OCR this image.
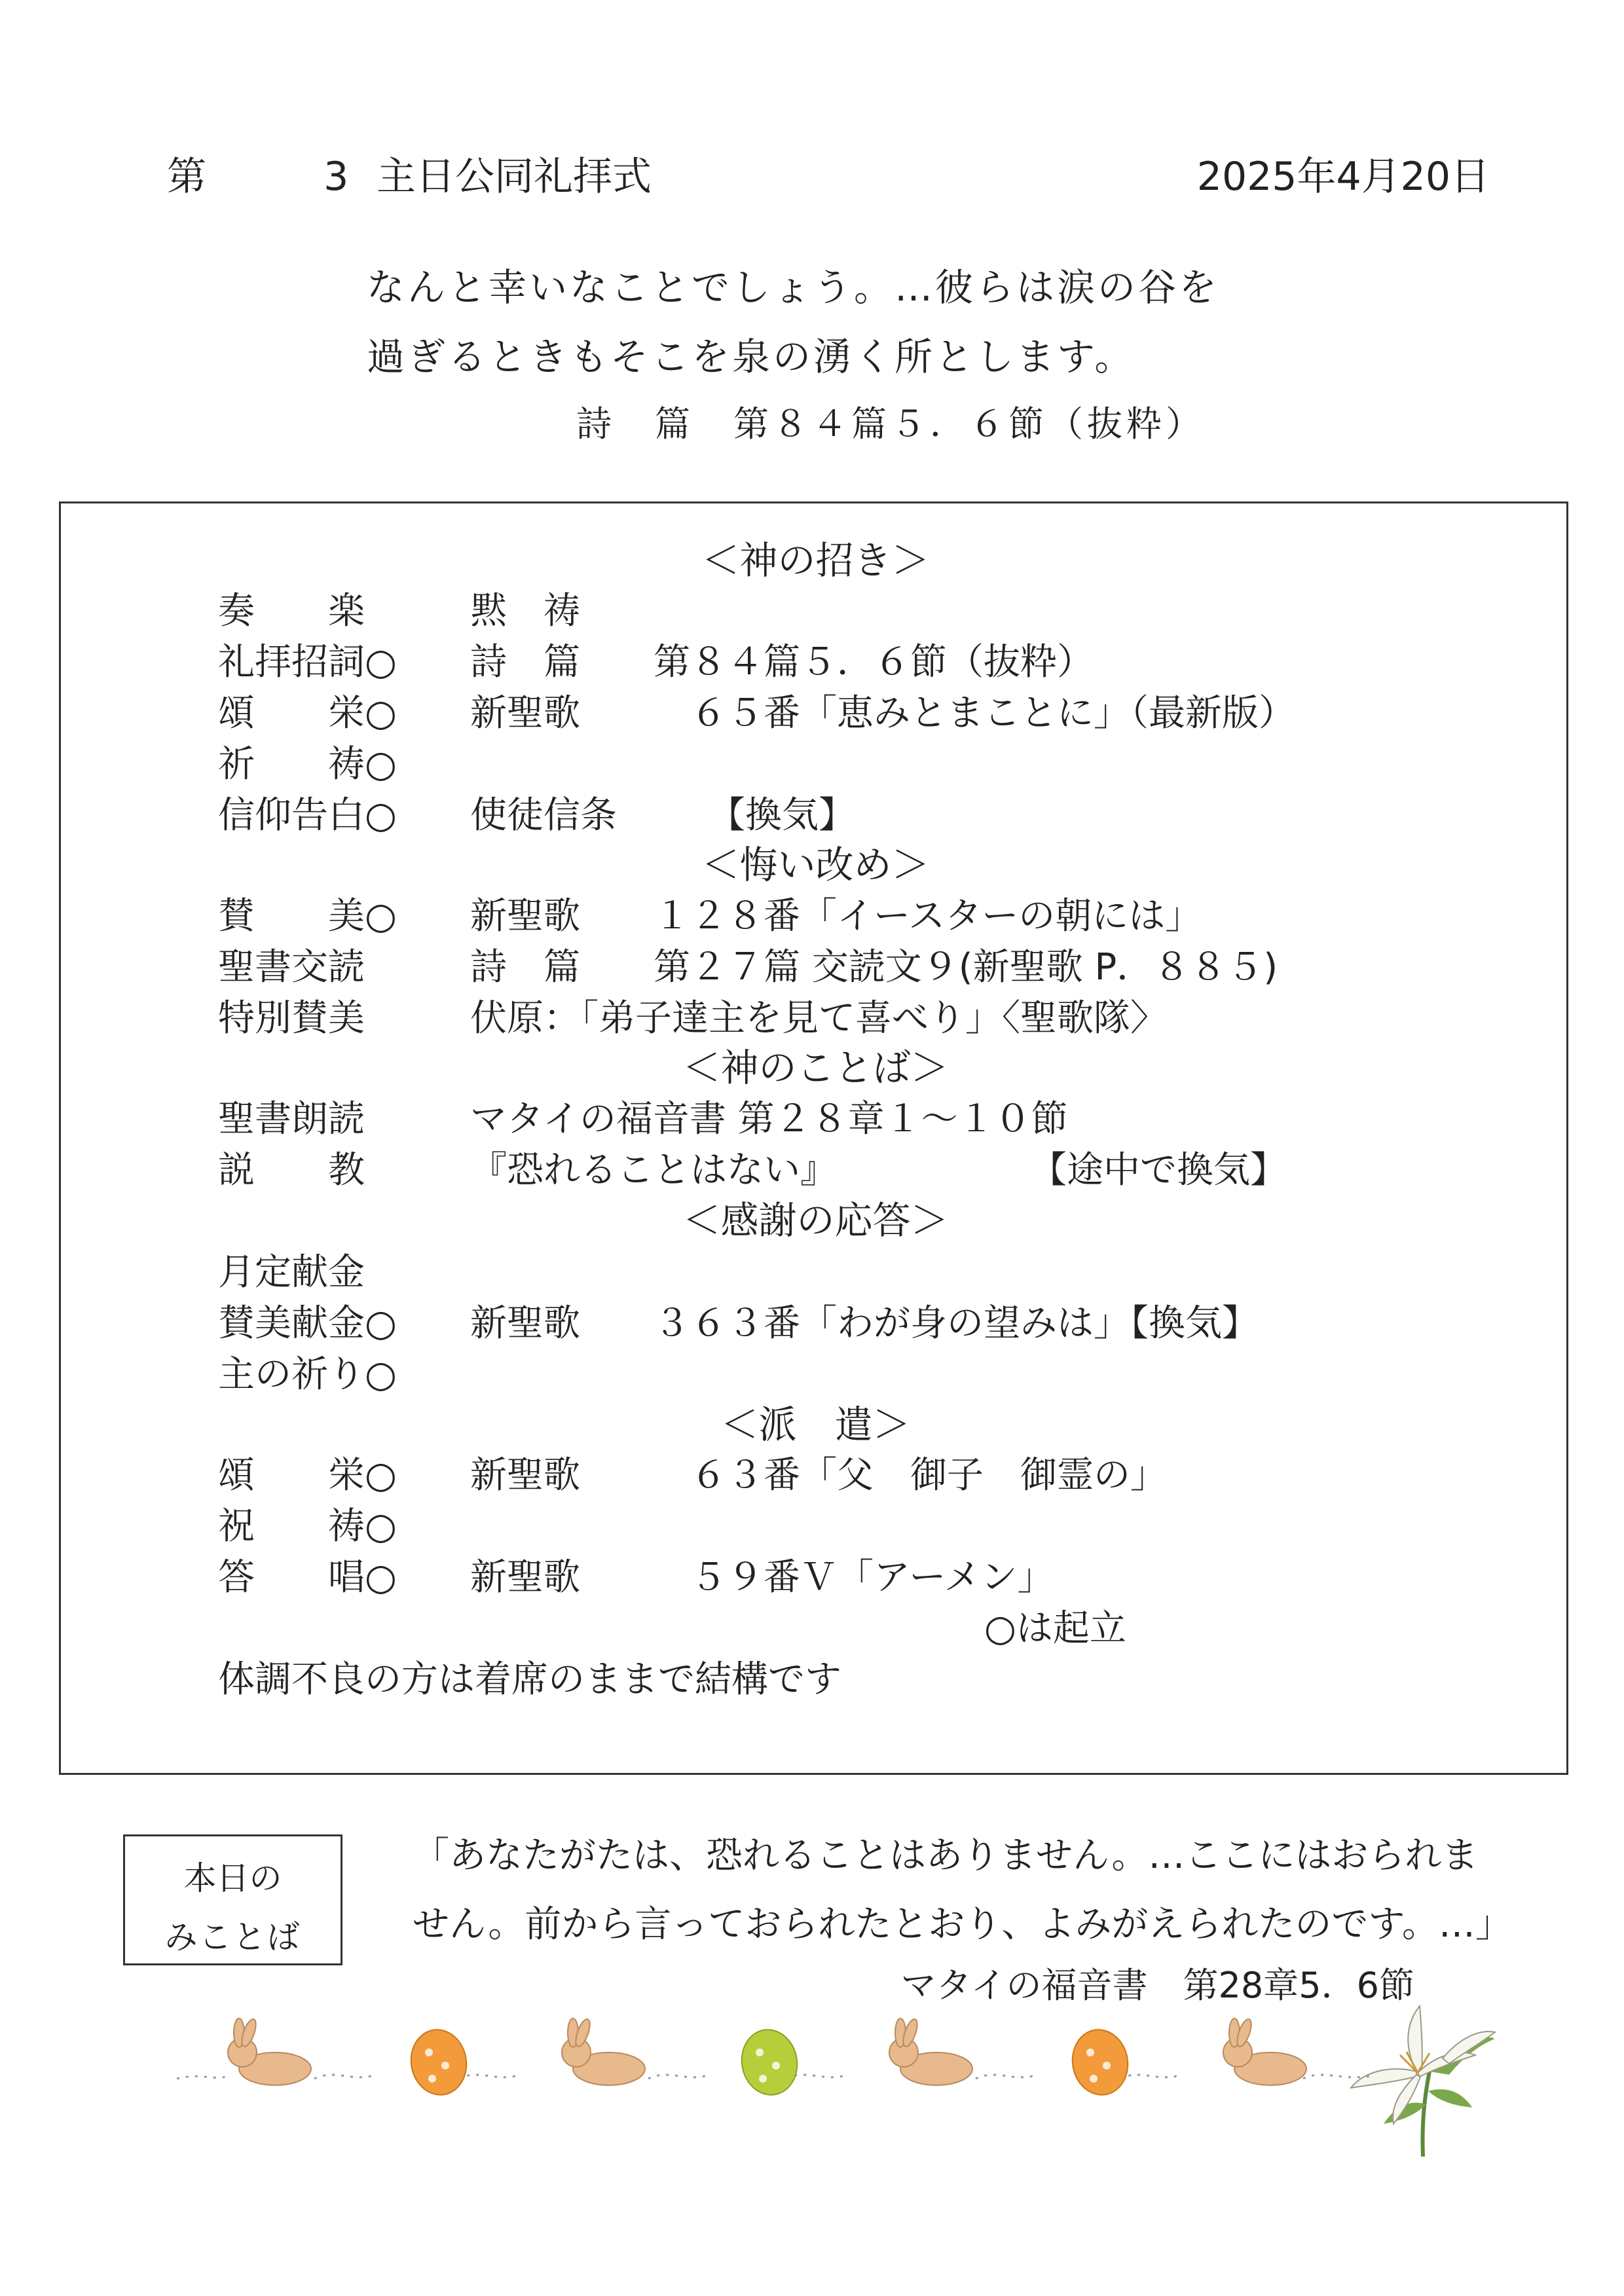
第 3
主日公同礼拝式	2025年4月20日
なんと幸いなことでしょう。…彼らは涙の谷を
過ぎるときもそこを泉の湧く所とします。
詩　篇　第８４篇５．６節（抜粋）
＜神の招き＞
奏　　楽	黙　祷
礼拝招詞○ 詩　篇　　第８４篇５．６節（抜粋）
頌　　栄○ 新聖歌　　　６５番「恵みとまことに」（最新版）
祈　　祷○
信仰告白○ 使徒信条　　　【換気】
＜悔い改め＞
賛　　美○ 新聖歌　　１２８番「イースターの朝には」
聖書交読	詩　篇　　第２７篇 交読文９(新聖歌 P．８８５)
特別賛美	伏原：「弟子達主を見て喜べり」〈聖歌隊〉
＜神のことば＞
聖書朗読	マタイの福音書 第２８章１～１０節
説　　教	『恐れることはない』	【途中で換気】
＜感謝の応答＞
月定献金
賛美献金○ 新聖歌　　３６３番「わが身の望みは」【換気】
主の祈り○
＜派　遣＞
頌　　栄○ 新聖歌　　　６３番「父　御子　御霊の」
祝　　祷○
答　　唱○ 新聖歌　　　５９番Ｖ「アーメン」
○は起立
体調不良の方は着席のままで結構です
本日の
みことば
「あなたがたは、恐れることはありません。…ここにはおられま
せん。前から言っておられたとおり、よみがえられたのです。…」
マタイの福音書　第28章5．6節
